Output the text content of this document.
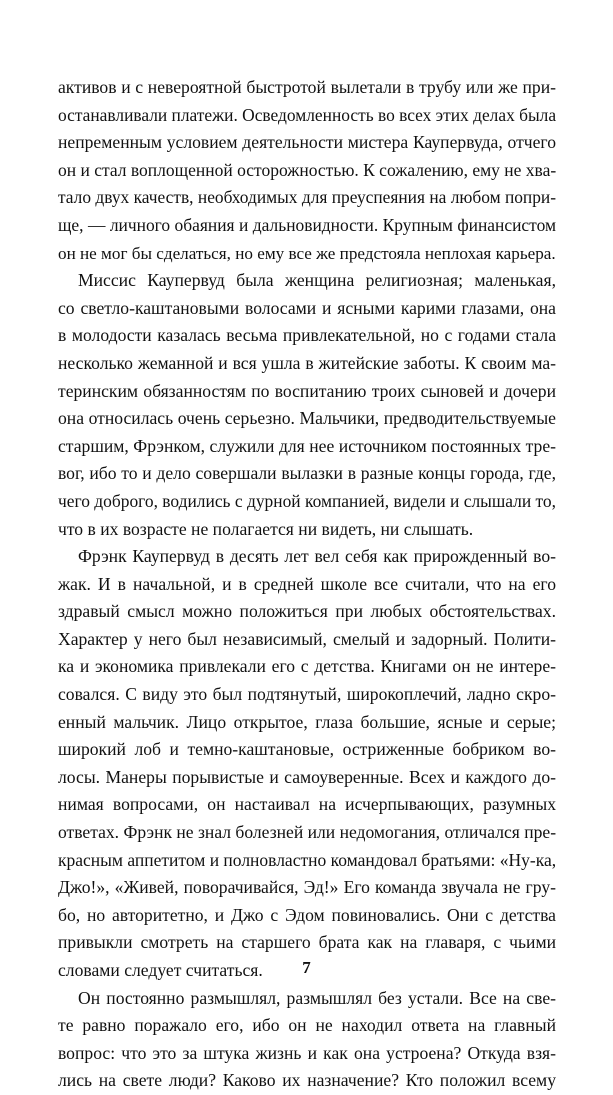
активов и с невероятной быстротой вылетали в трубу или же при-
останавливали платежи. Осведомленность во всех этих делах была
непременным условием деятельности мистера Каупервуда, отчего
он и стал воплощенной осторожностью. К сожалению, ему не хва-
тало двух качеств, необходимых для преуспеяния на любом попри-
ще, — личного обаяния и дальновидности. Крупным финансистом
он не мог бы сделаться, но ему все же предстояла неплохая карьера.
Миссис Каупервуд была женщина религиозная; маленькая,
со светло-каштановыми волосами и ясными карими глазами, она
в молодости казалась весьма привлекательной, но с годами стала
несколько жеманной и вся ушла в житейские заботы. К своим ма-
теринским обязанностям по воспитанию троих сыновей и дочери
она относилась очень серьезно. Мальчики, предводительствуемые
старшим, Фрэнком, служили для нее источником постоянных тре-
вог, ибо то и дело совершали вылазки в разные концы города, где,
чего доброго, водились с дурной компанией, видели и слышали то,
что в их возрасте не полагается ни видеть, ни слышать.
Фрэнк Каупервуд в десять лет вел себя как прирожденный во-
жак. И в начальной, и в средней школе все считали, что на его
здравый смысл можно положиться при любых обстоятельствах.
Характер у него был независимый, смелый и задорный. Полити-
ка и экономика привлекали его с детства. Книгами он не интере-
совался. С виду это был подтянутый, широкоплечий, ладно скро-
енный мальчик. Лицо открытое, глаза большие, ясные и серые;
широкий лоб и темно-каштановые, остриженные бобриком во-
лосы. Манеры порывистые и самоуверенные. Всех и каждого до-
нимая вопросами, он настаивал на исчерпывающих, разумных
ответах. Фрэнк не знал болезней или недомогания, отличался пре-
красным аппетитом и полновластно командовал братьями: «Ну-ка,
Джо!», «Живей, поворачивайся, Эд!» Его команда звучала не гру-
бо, но авторитетно, и Джо с Эдом повиновались. Они с детства
привыкли смотреть на старшего брата как на главаря, с чьими
словами следует считаться.
Он постоянно размышлял, размышлял без устали. Все на све-
те равно поражало его, ибо он не находил ответа на главный
вопрос: что это за штука жизнь и как она устроена? Откуда взя-
лись на свете люди? Каково их назначение? Кто положил всему
7
